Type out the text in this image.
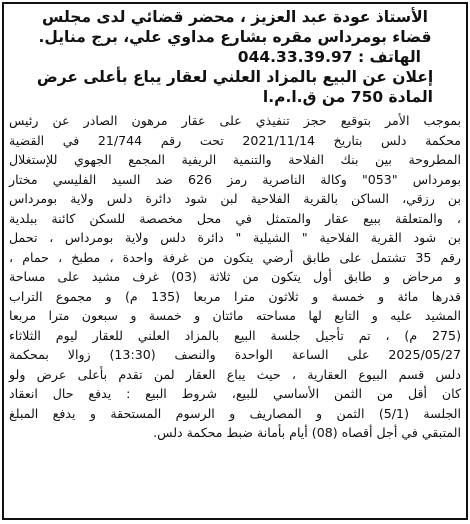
الأستاذ عودة عبد العزيز ، محضر قضائي لدى مجلس
قضاء بومرداس مقره بشارع مداوي علي، برج منايل.
الهاتف : 044.33.39.97
إعلان عن البيع بالمزاد العلني لعقار يباع بأعلى عرض
المادة 750 من ق.ا.م.ا
بموجب الأمر بتوقيع حجز تنفيذي على عقار مرهون الصادر عن رئيس
محكمة دلس بتاريخ 2021/11/14 تحت رقم 21/744 في القضية
المطروحة بين بنك الفلاحة والتنمية الريفية المجمع الجهوي للإستغلال
بومرداس "053" وكالة الناصرية رمز 626 ضد السيد الفليسي مختار
بن رزقي، الساكن بالقرية الفلاحية لبن شود دائرة دلس ولاية بومرداس
، والمتعلقة ببيع عقار والمتمثل في محل مخصصة للسكن كائنة ببلدية
بن شود القرية الفلاحية " الشيلية " دائرة دلس ولاية بومرداس ، تحمل
رقم 35 تشتمل على طابق أرضي يتكون من غرفة واحدة ، مطبخ ، حمام ،
و مرحاض و طابق أول يتكون من ثلاثة (03) غرف مشيد على مساحة
قدرها مائة و خمسة و ثلاثون مترا مربعا (135 م) و مجموع التراب
المشيد عليه و التابع لها مساحته مائتان و خمسة و سبعون مترا مربعا
(275 م) ، تم تأجيل جلسة البيع بالمزاد العلني للعقار ليوم الثلاثاء
2025/05/27 على الساعة الواحدة والنصف (13:30) زوالا بمحكمة
دلس قسم البيوع العقارية ، حيث يباع العقار لمن تقدم بأعلى عرض ولو
كان أقل من الثمن الأساسي للبيع، شروط البيع : يدفع حال انعقاد
الجلسة (5/1) الثمن و المصاريف و الرسوم المستحقة و يدفع المبلغ
المتبقي في أجل أقصاه (08) أيام بأمانة ضبط محكمة دلس.
